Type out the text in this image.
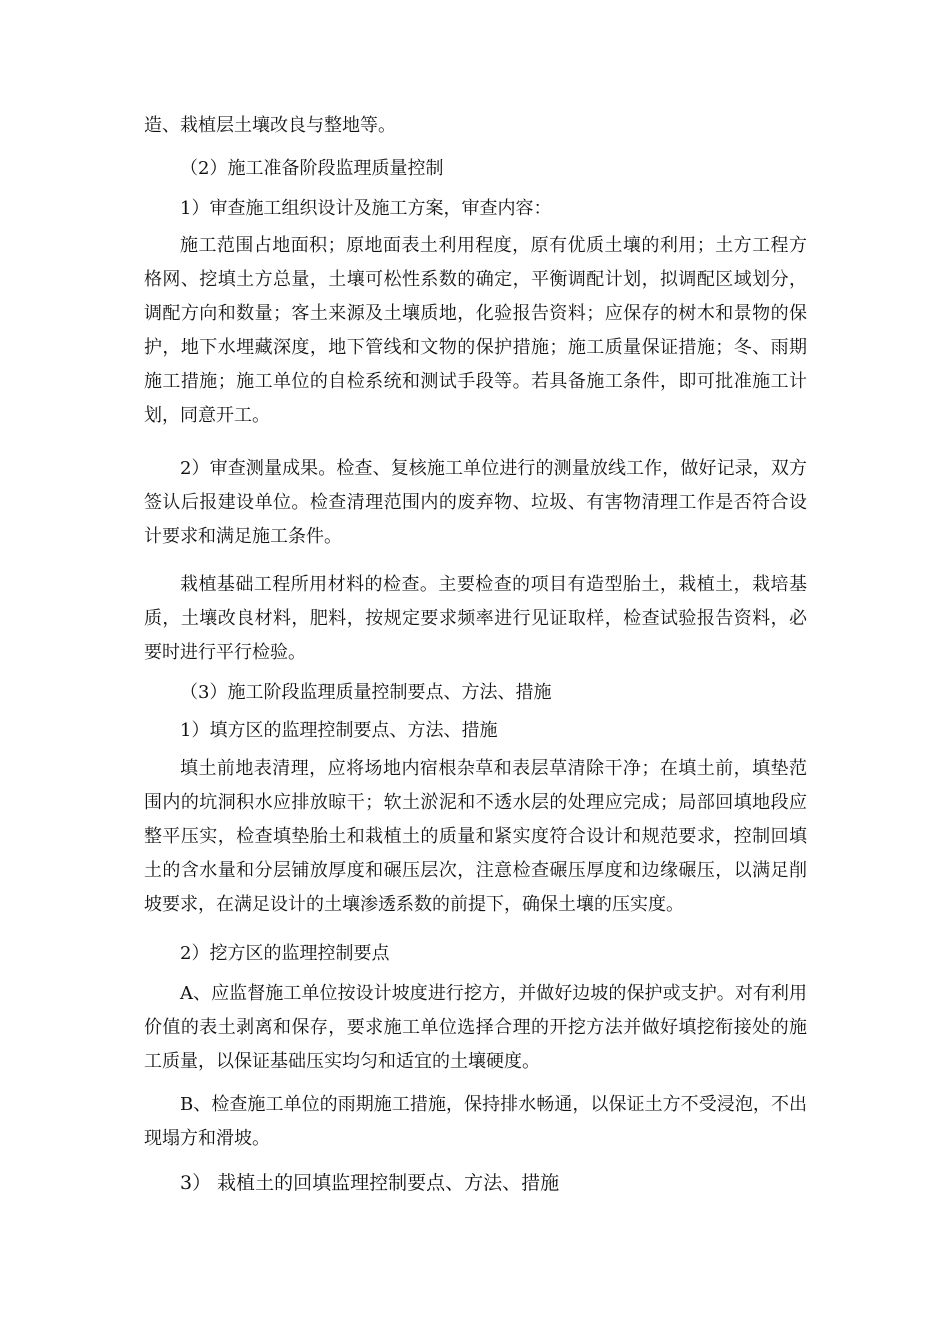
造、栽植层土壤改良与整地等。

（2）施工准备阶段监理质量控制

1）审查施工组织设计及施工方案，审查内容：

施工范围占地面积；原地面表土利用程度，原有优质土壤的利用；土方工程方格网、挖填土方总量，土壤可松性系数的确定，平衡调配计划，拟调配区域划分，调配方向和数量；客土来源及土壤质地，化验报告资料；应保存的树木和景物的保护，地下水埋藏深度，地下管线和文物的保护措施；施工质量保证措施；冬、雨期施工措施；施工单位的自检系统和测试手段等。若具备施工条件，即可批准施工计划，同意开工。

2）审查测量成果。检查、复核施工单位进行的测量放线工作，做好记录，双方签认后报建设单位。检查清理范围内的废弃物、垃圾、有害物清理工作是否符合设计要求和满足施工条件。

栽植基础工程所用材料的检查。主要检查的项目有造型胎土，栽植土，栽培基质，土壤改良材料，肥料，按规定要求频率进行见证取样，检查试验报告资料，必要时进行平行检验。

（3）施工阶段监理质量控制要点、方法、措施

1）填方区的监理控制要点、方法、措施

填土前地表清理，应将场地内宿根杂草和表层草清除干净；在填土前，填垫范围内的坑洞积水应排放晾干；软土淤泥和不透水层的处理应完成；局部回填地段应整平压实，检查填垫胎土和栽植土的质量和紧实度符合设计和规范要求，控制回填土的含水量和分层铺放厚度和碾压层次，注意检查碾压厚度和边缘碾压，以满足削坡要求，在满足设计的土壤渗透系数的前提下，确保土壤的压实度。

2）挖方区的监理控制要点

A、应监督施工单位按设计坡度进行挖方，并做好边坡的保护或支护。对有利用价值的表土剥离和保存，要求施工单位选择合理的开挖方法并做好填挖衔接处的施工质量，以保证基础压实均匀和适宜的土壤硬度。

B、检查施工单位的雨期施工措施，保持排水畅通，以保证土方不受浸泡，不出现塌方和滑坡。

3） 栽植土的回填监理控制要点、方法、措施
